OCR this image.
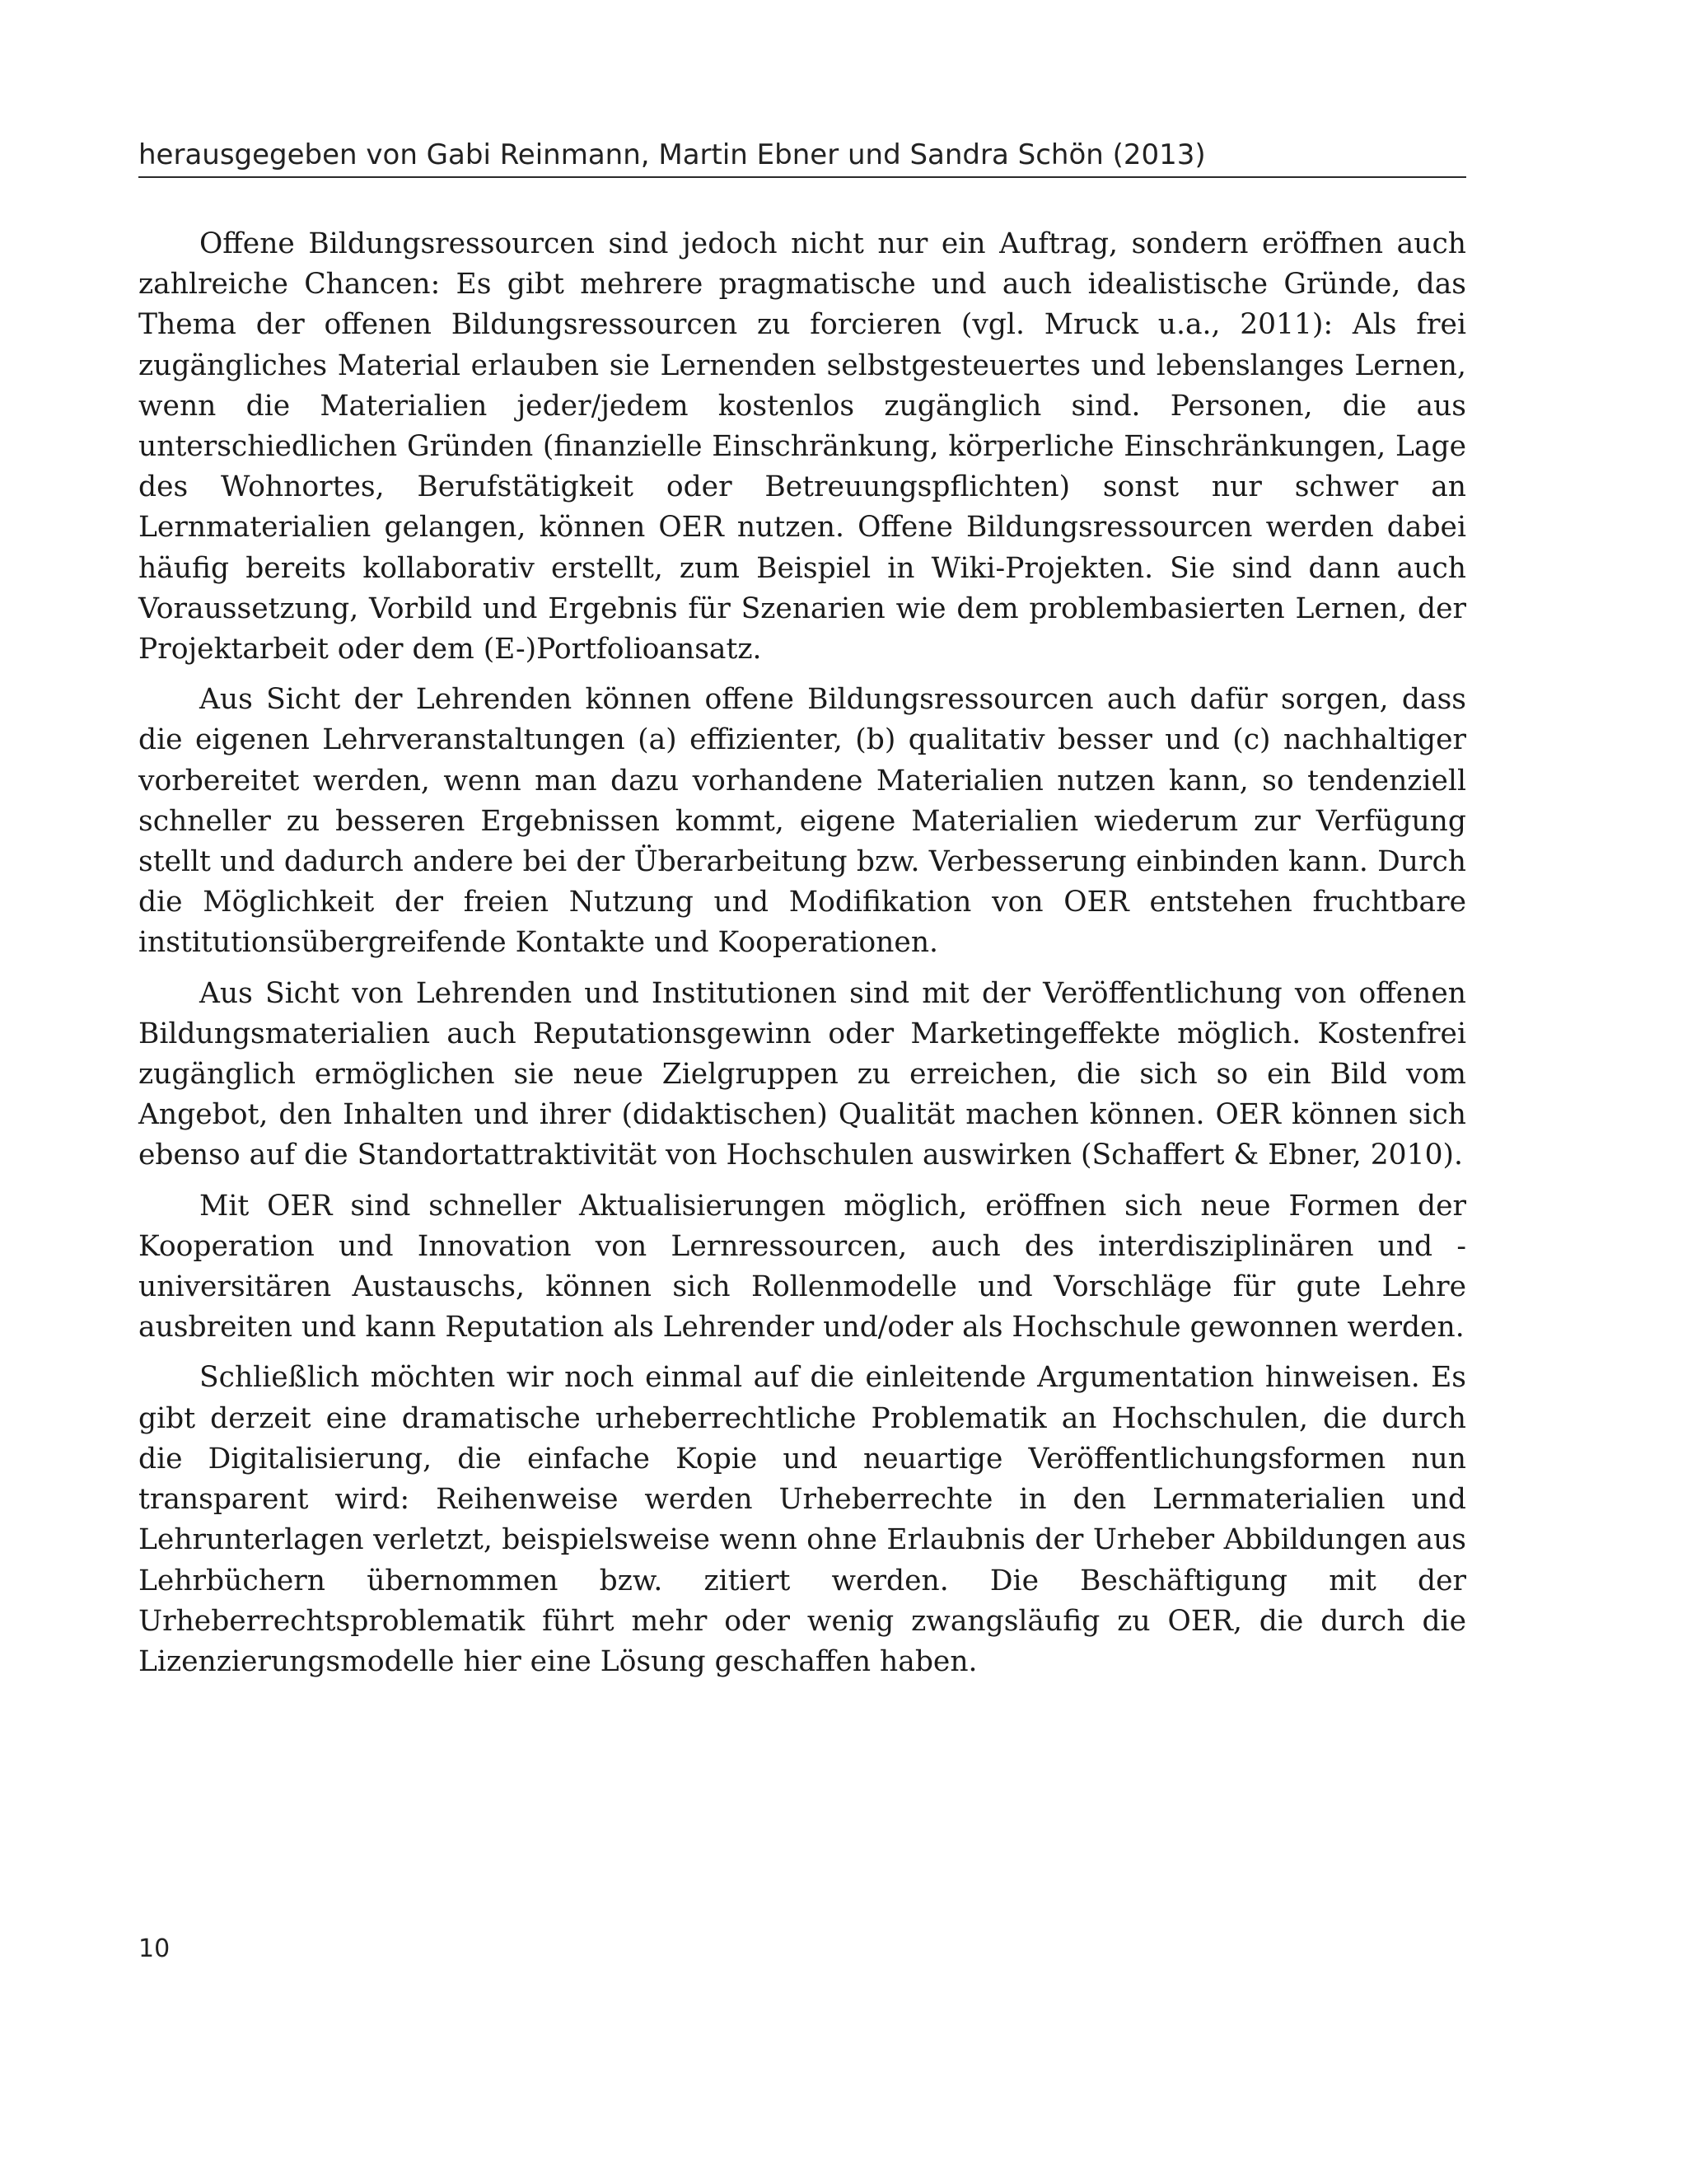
herausgegeben von Gabi Reinmann, Martin Ebner und Sandra Schön (2013)

Offene Bildungsressourcen sind jedoch nicht nur ein Auftrag, sondern eröffnen auch zahlreiche Chancen: Es gibt mehrere pragmatische und auch idealistische Gründe, das Thema der offenen Bildungsressourcen zu forcieren (vgl. Mruck u.a., 2011): Als frei zugängliches Material erlauben sie Lernenden selbstgesteuertes und lebenslanges Lernen, wenn die Materialien jeder/jedem kostenlos zugänglich sind. Personen, die aus unterschiedlichen Gründen (finanzielle Einschränkung, körperliche Einschränkungen, Lage des Wohnortes, Berufstätigkeit oder Betreuungspflichten) sonst nur schwer an Lernmaterialien gelangen, können OER nutzen. Offene Bildungsressourcen werden dabei häufig bereits kollaborativ erstellt, zum Beispiel in Wiki-Projekten. Sie sind dann auch Voraussetzung, Vorbild und Ergebnis für Szenarien wie dem problembasierten Lernen, der Projektarbeit oder dem (E-)Portfolioansatz.

Aus Sicht der Lehrenden können offene Bildungsressourcen auch dafür sorgen, dass die eigenen Lehrveranstaltungen (a) effizienter, (b) qualitativ besser und (c) nachhaltiger vorbereitet werden, wenn man dazu vorhandene Materialien nutzen kann, so tendenziell schneller zu besseren Ergebnissen kommt, eigene Materialien wiederum zur Verfügung stellt und dadurch andere bei der Überarbeitung bzw. Verbesserung einbinden kann. Durch die Möglichkeit der freien Nutzung und Modifikation von OER entstehen fruchtbare institutionsübergreifende Kontakte und Kooperationen.

Aus Sicht von Lehrenden und Institutionen sind mit der Veröffentlichung von offenen Bildungsmaterialien auch Reputationsgewinn oder Marketingeffekte möglich. Kostenfrei zugänglich ermöglichen sie neue Zielgruppen zu erreichen, die sich so ein Bild vom Angebot, den Inhalten und ihrer (didaktischen) Qualität machen können. OER können sich ebenso auf die Standortattraktivität von Hochschulen auswirken (Schaffert & Ebner, 2010).

Mit OER sind schneller Aktualisierungen möglich, eröffnen sich neue Formen der Kooperation und Innovation von Lernressourcen, auch des interdisziplinären und -universitären Austauschs, können sich Rollenmodelle und Vorschläge für gute Lehre ausbreiten und kann Reputation als Lehrender und/oder als Hochschule gewonnen werden.

Schließlich möchten wir noch einmal auf die einleitende Argumentation hinweisen. Es gibt derzeit eine dramatische urheberrechtliche Problematik an Hochschulen, die durch die Digitalisierung, die einfache Kopie und neuartige Veröffentlichungsformen nun transparent wird: Reihenweise werden Urheberrechte in den Lernmaterialien und Lehrunterlagen verletzt, beispielsweise wenn ohne Erlaubnis der Urheber Abbildungen aus Lehrbüchern übernommen bzw. zitiert werden. Die Beschäftigung mit der Urheberrechtsproblematik führt mehr oder wenig zwangsläufig zu OER, die durch die Lizenzierungsmodelle hier eine Lösung geschaffen haben.

10
